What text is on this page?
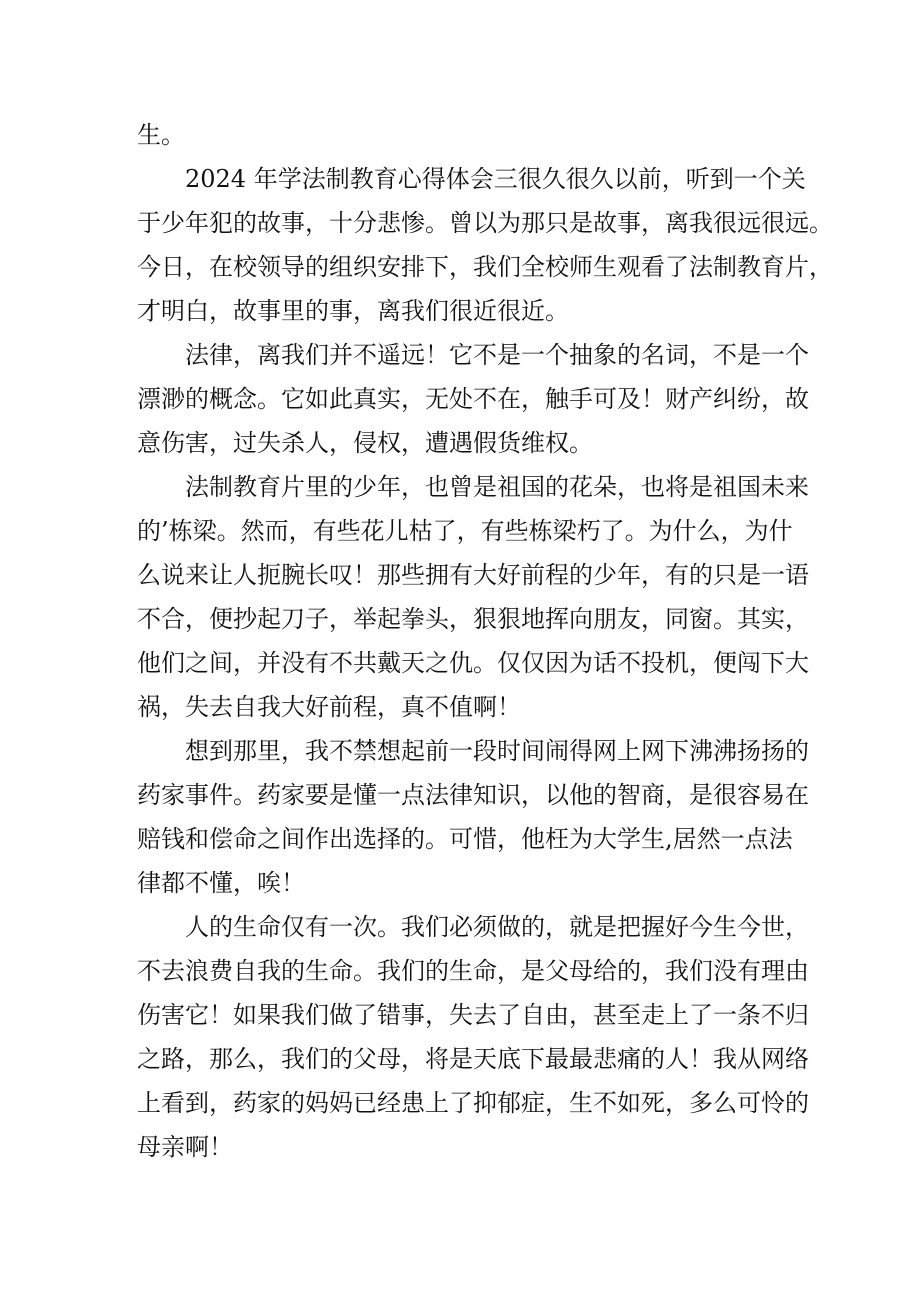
生。
2024 年学法制教育心得体会三很久很久以前，听到一个关
于少年犯的故事，十分悲惨。曾以为那只是故事，离我很远很远。
今日，在校领导的组织安排下，我们全校师生观看了法制教育片，
才明白，故事里的事，离我们很近很近。
法律，离我们并不遥远！它不是一个抽象的名词，不是一个
漂渺的概念。它如此真实，无处不在，触手可及！财产纠纷，故
意伤害，过失杀人，侵权，遭遇假货维权。
法制教育片里的少年，也曾是祖国的花朵，也将是祖国未来
的’栋梁。然而，有些花儿枯了，有些栋梁朽了。为什么，为什
么说来让人扼腕长叹！那些拥有大好前程的少年，有的只是一语
不合，便抄起刀子，举起拳头，狠狠地挥向朋友，同窗。其实，
他们之间，并没有不共戴天之仇。仅仅因为话不投机，便闯下大
祸，失去自我大好前程，真不值啊！
想到那里，我不禁想起前一段时间闹得网上网下沸沸扬扬的
药家事件。药家要是懂一点法律知识，以他的智商，是很容易在
赔钱和偿命之间作出选择的。可惜，他枉为大学生,居然一点法
律都不懂，唉！
人的生命仅有一次。我们必须做的，就是把握好今生今世，
不去浪费自我的生命。我们的生命，是父母给的，我们没有理由
伤害它！如果我们做了错事，失去了自由，甚至走上了一条不归
之路，那么，我们的父母，将是天底下最最悲痛的人！我从网络
上看到，药家的妈妈已经患上了抑郁症，生不如死，多么可怜的
母亲啊！
